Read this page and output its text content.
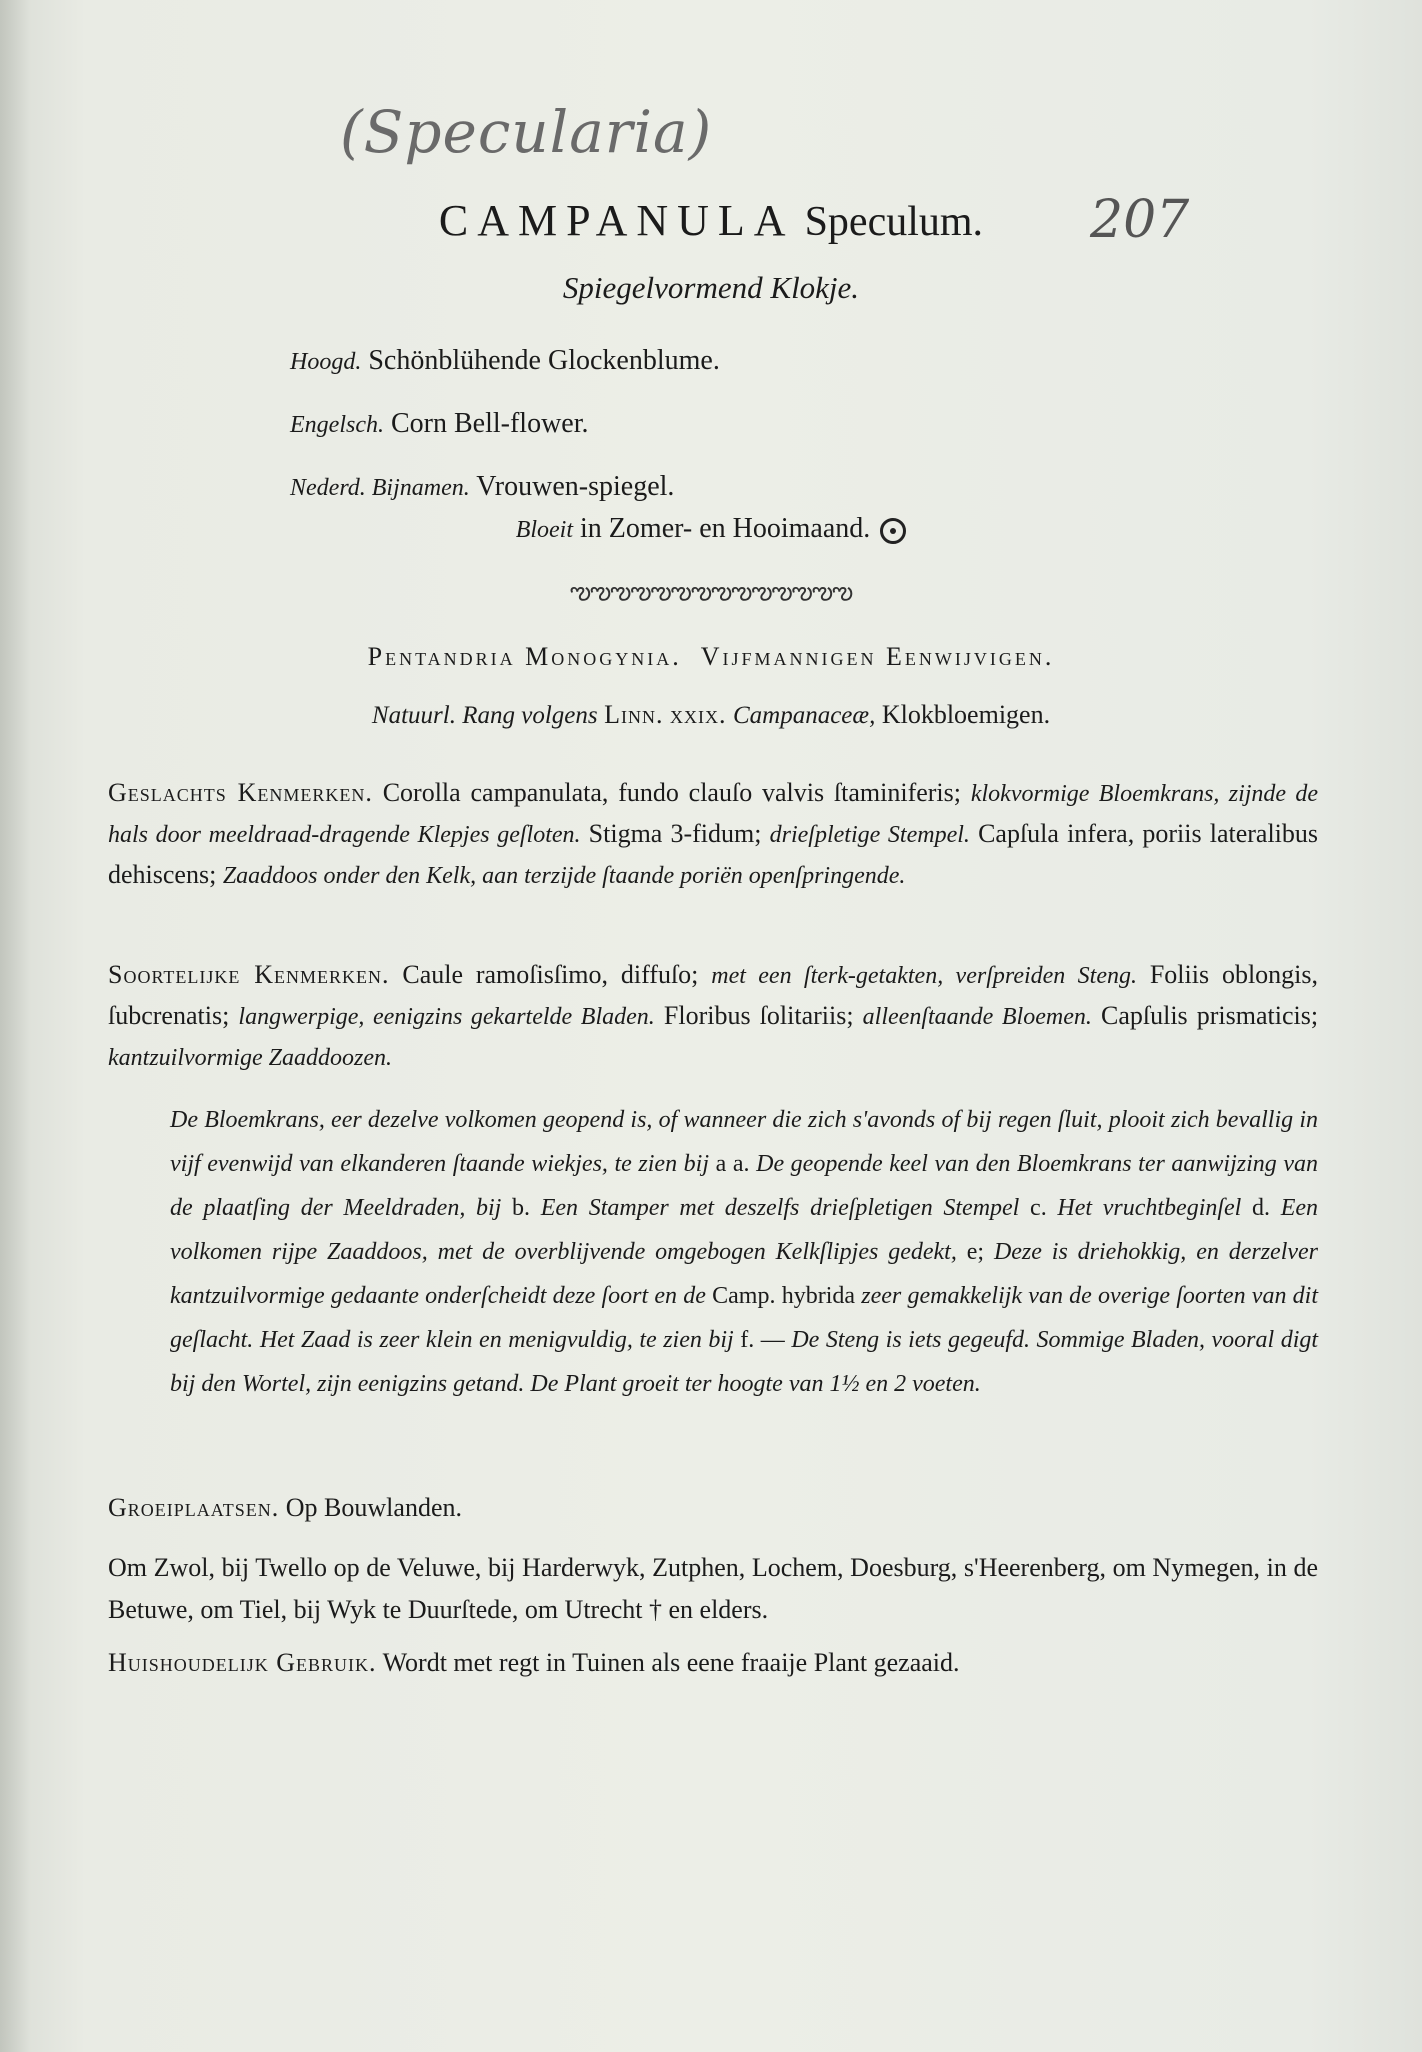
(Specularia)
207
CAMPANULA Speculum.
Spiegelvormend Klokje.
Hoogd. Schönblühende Glockenblume.
Engelsch. Corn Bell-flower.
Nederd. Bijnamen. Vrouwen-spiegel.
Bloeit in Zomer- en Hooimaand.
ఌఌఌఌఌఌఌఌఌఌఌఌఌఌ
Pentandria Monogynia. Vijfmannigen Eenwijvigen.
Natuurl. Rang volgens Linn. xxix. Campanaceæ, Klokbloemigen.
Geslachts Kenmerken. Corolla campanulata, fundo clauſo valvis ſtaminiferis; klokvormige Bloemkrans, zijnde de hals door meeldraad-dragende Klepjes geſloten. Stigma 3-fidum; drieſpletige Stempel. Capſula infera, poriis lateralibus dehiscens; Zaaddoos onder den Kelk, aan terzijde ſtaande poriën openſpringende.
Soortelijke Kenmerken. Caule ramoſisſimo, diffuſo; met een ſterk-getakten, verſpreiden Steng. Foliis oblongis, ſubcrenatis; langwerpige, eenigzins gekartelde Bladen. Floribus ſolitariis; alleenſtaande Bloemen. Capſulis prismaticis; kantzuilvormige Zaaddoozen.
De Bloemkrans, eer dezelve volkomen geopend is, of wanneer die zich s'avonds of bij regen ſluit, plooit zich bevallig in vijf evenwijd van elkanderen ſtaande wiekjes, te zien bij a a. De geopende keel van den Bloemkrans ter aanwijzing van de plaatſing der Meeldraden, bij b. Een Stamper met deszelfs drieſpletigen Stempel c. Het vruchtbeginſel d. Een volkomen rijpe Zaaddoos, met de overblijvende omgebogen Kelkſlipjes gedekt, e; Deze is driehokkig, en derzelver kantzuilvormige gedaante onderſcheidt deze ſoort en de Camp. hybrida zeer gemakkelijk van de overige ſoorten van dit geſlacht. Het Zaad is zeer klein en menigvuldig, te zien bij f. — De Steng is iets gegeufd. Sommige Bladen, vooral digt bij den Wortel, zijn eenigzins getand. De Plant groeit ter hoogte van 1½ en 2 voeten.
Groeiplaatsen. Op Bouwlanden.
Om Zwol, bij Twello op de Veluwe, bij Harderwyk, Zutphen, Lochem, Doesburg, s'Heerenberg, om Nymegen, in de Betuwe, om Tiel, bij Wyk te Duurſtede, om Utrecht † en elders.
Huishoudelijk Gebruik. Wordt met regt in Tuinen als eene fraaije Plant gezaaid.
